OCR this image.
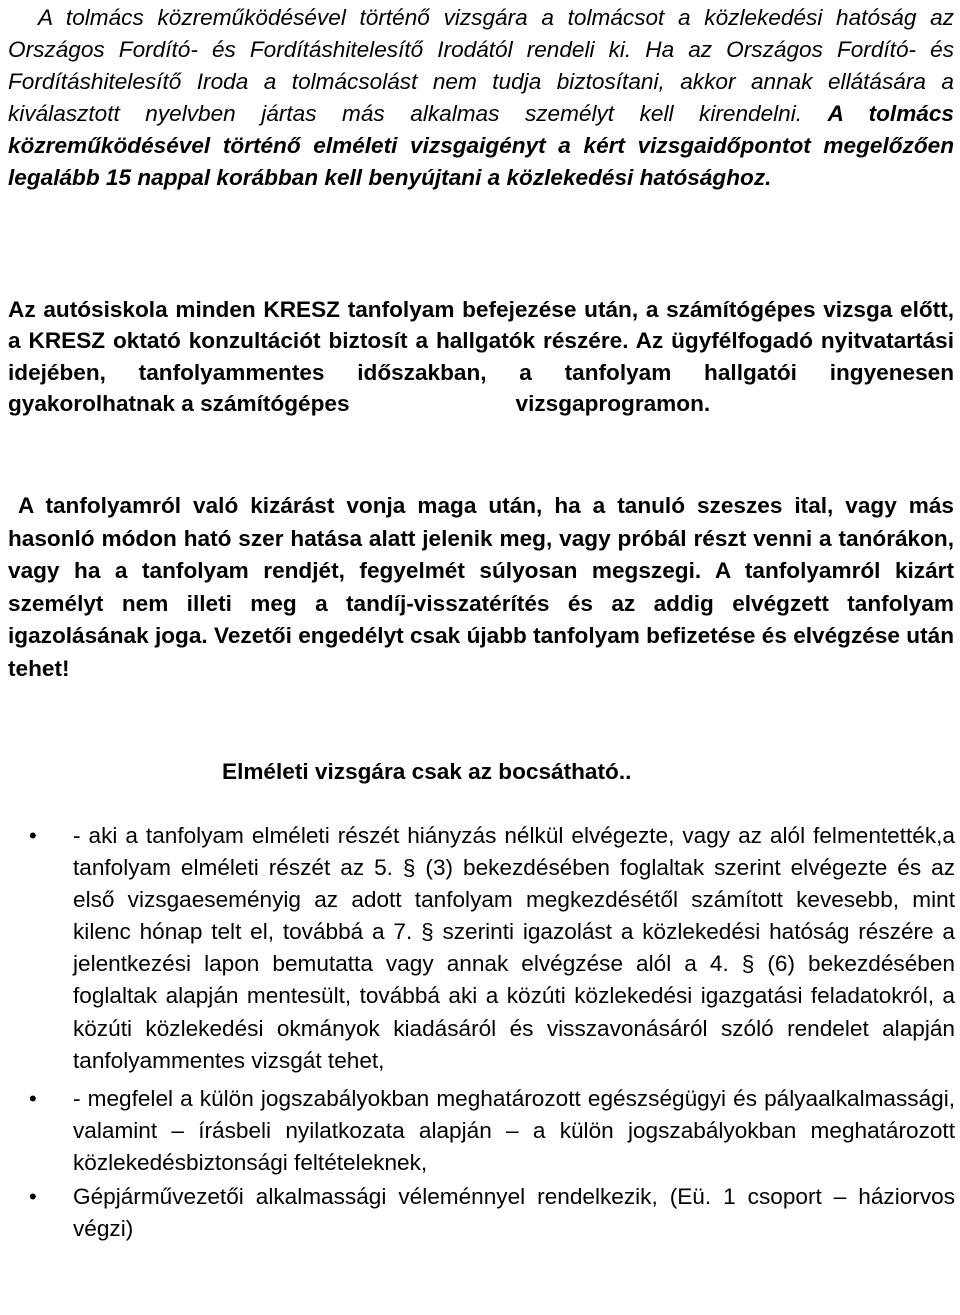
A tolmács közreműködésével történő vizsgára a tolmácsot a közlekedési hatóság az Országos Fordító- és Fordításhitelesítő Irodától rendeli ki. Ha az Országos Fordító- és Fordításhitelesítő Iroda a tolmácsolást nem tudja biztosítani, akkor annak ellátására a kiválasztott nyelvben jártas más alkalmas személyt kell kirendelni. A tolmács közreműködésével történő elméleti vizsgaigényt a kért vizsgaidőpontot megelőzően legalább 15 nappal korábban kell benyújtani a közlekedési hatósághoz.

Az autósiskola minden KRESZ tanfolyam befejezése után, a számítógépes vizsga előtt, a KRESZ oktató konzultációt biztosít a hallgatók részére. Az ügyfélfogadó nyitvatartási idejében, tanfolyammentes időszakban, a tanfolyam hallgatói ingyenesen gyakorolhatnak a számítógépes	vizsgaprogramon.

A tanfolyamról való kizárást vonja maga után, ha a tanuló szeszes ital, vagy más hasonló módon ható szer hatása alatt jelenik meg, vagy próbál részt venni a tanórákon, vagy ha a tanfolyam rendjét, fegyelmét súlyosan megszegi. A tanfolyamról kizárt személyt nem illeti meg a tandíj-visszatérítés és az addig elvégzett tanfolyam igazolásának joga. Vezetői engedélyt csak újabb tanfolyam befizetése és elvégzése után tehet!

Elméleti vizsgára csak az bocsátható..
• - aki a tanfolyam elméleti részét hiányzás nélkül elvégezte, vagy az alól felmentették,a tanfolyam elméleti részét az 5. § (3) bekezdésében foglaltak szerint elvégezte és az első vizsgaeseményig az adott tanfolyam megkezdésétől számított kevesebb, mint kilenc hónap telt el, továbbá a 7. § szerinti igazolást a közlekedési hatóság részére a jelentkezési lapon bemutatta vagy annak elvégzése alól a 4. § (6) bekezdésében foglaltak alapján mentesült, továbbá aki a közúti közlekedési igazgatási feladatokról, a közúti közlekedési okmányok kiadásáról és visszavonásáról szóló rendelet alapján tanfolyammentes vizsgát tehet,
• - megfelel a külön jogszabályokban meghatározott egészségügyi és pályaalkalmassági, valamint – írásbeli nyilatkozata alapján – a külön jogszabályokban meghatározott közlekedésbiztonsági feltételeknek,
• Gépjárművezetői alkalmassági véleménnyel rendelkezik, (Eü. 1 csoport – háziorvos végzi)
